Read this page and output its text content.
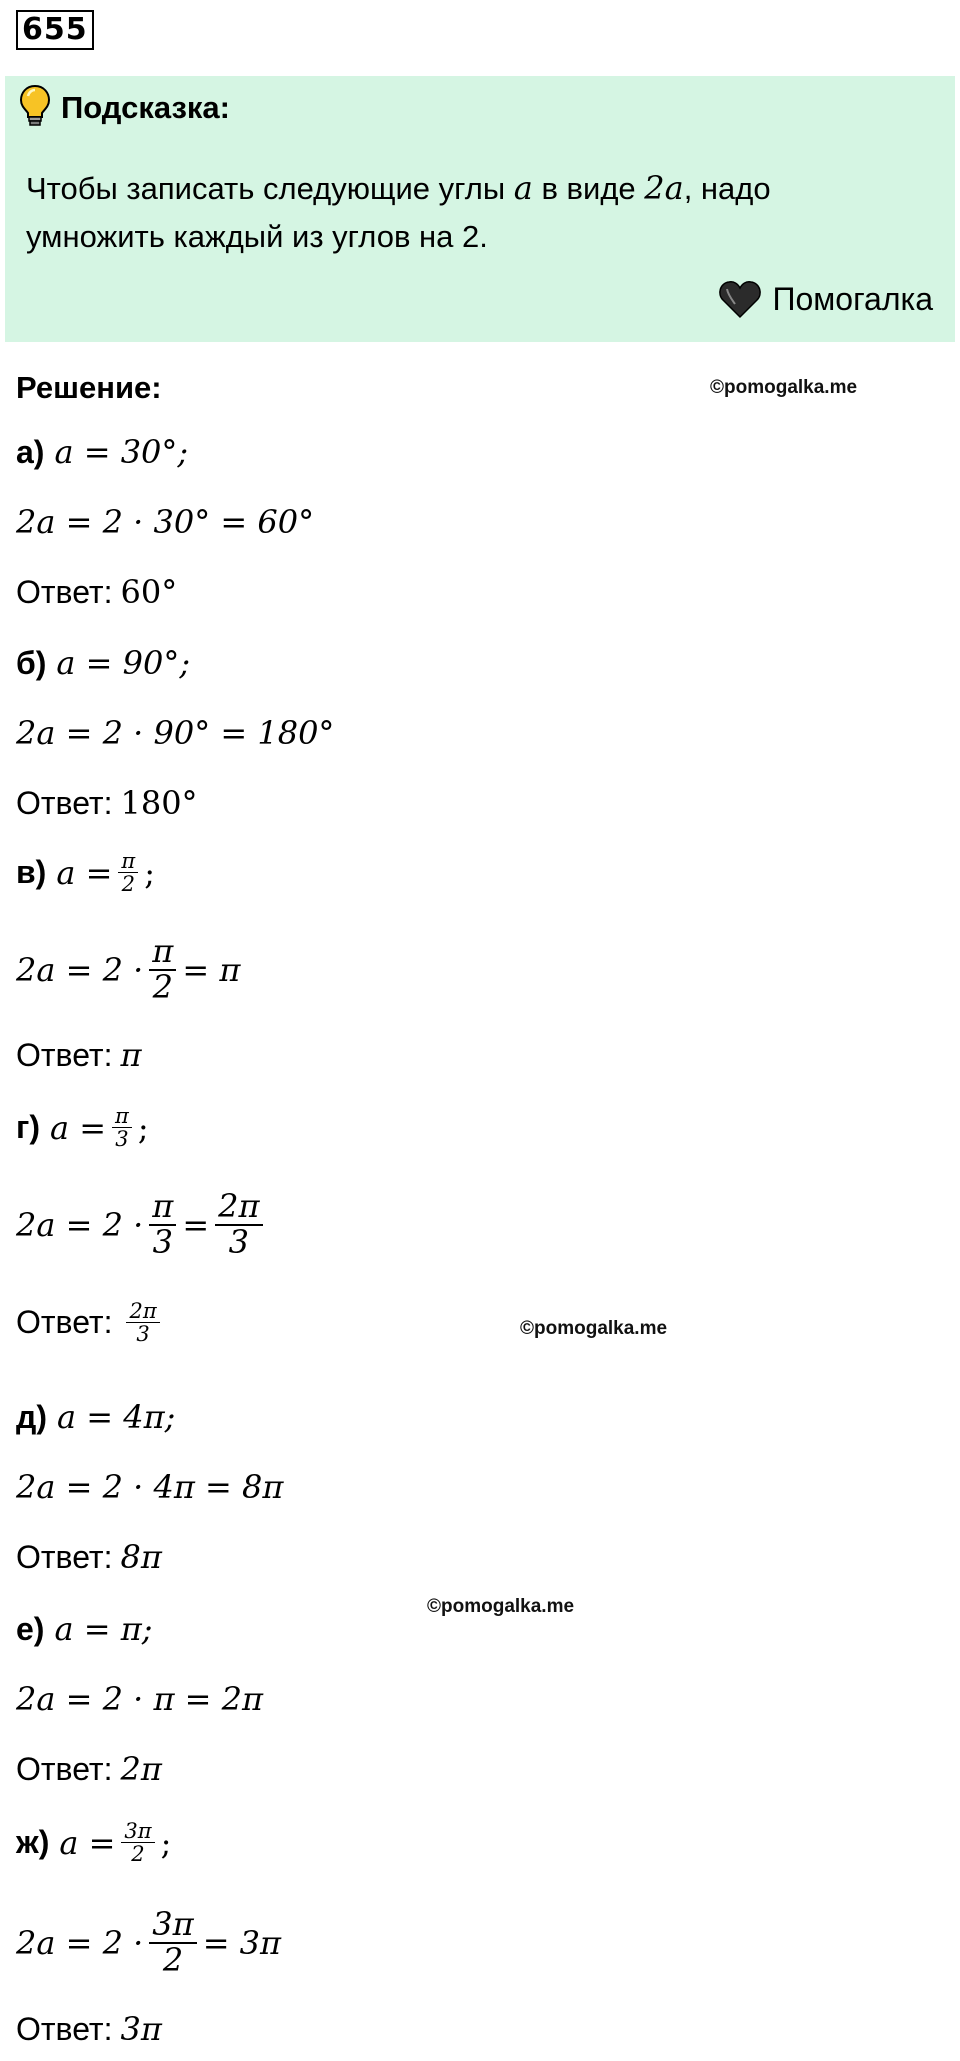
655
Подсказка:
Чтобы записать следующие углы a в виде 2a, надо
умножить каждый из углов на 2.
Помогалка
Решение:	©pomogalka.me
©pomogalka.me
©pomogalka.me
а) a = 30°;
2a = 2 · 30° = 60°
Ответ: 60°
б) a = 90°;
2a = 2 · 90° = 180°
Ответ: 180°
в) $a = \frac{\pi}{2}$ ;
$2a = 2 \cdot \frac{\pi}{2} = \pi$
Ответ: π
г) $a = \frac{\pi}{3}$ ;
$2a = 2 \cdot \frac{\pi}{3} = \frac{2\pi}{3}$
Ответ: $\frac{2\pi}{3}$
д) a = 4π;
2a = 2 · 4π = 8π
Ответ: 8π
е) a = π;
2a = 2 · π = 2π
Ответ: 2π
ж) $a = \frac{3\pi}{2}$ ;
$2a = 2 \cdot \frac{3\pi}{2} = 3\pi$
Ответ: 3π
